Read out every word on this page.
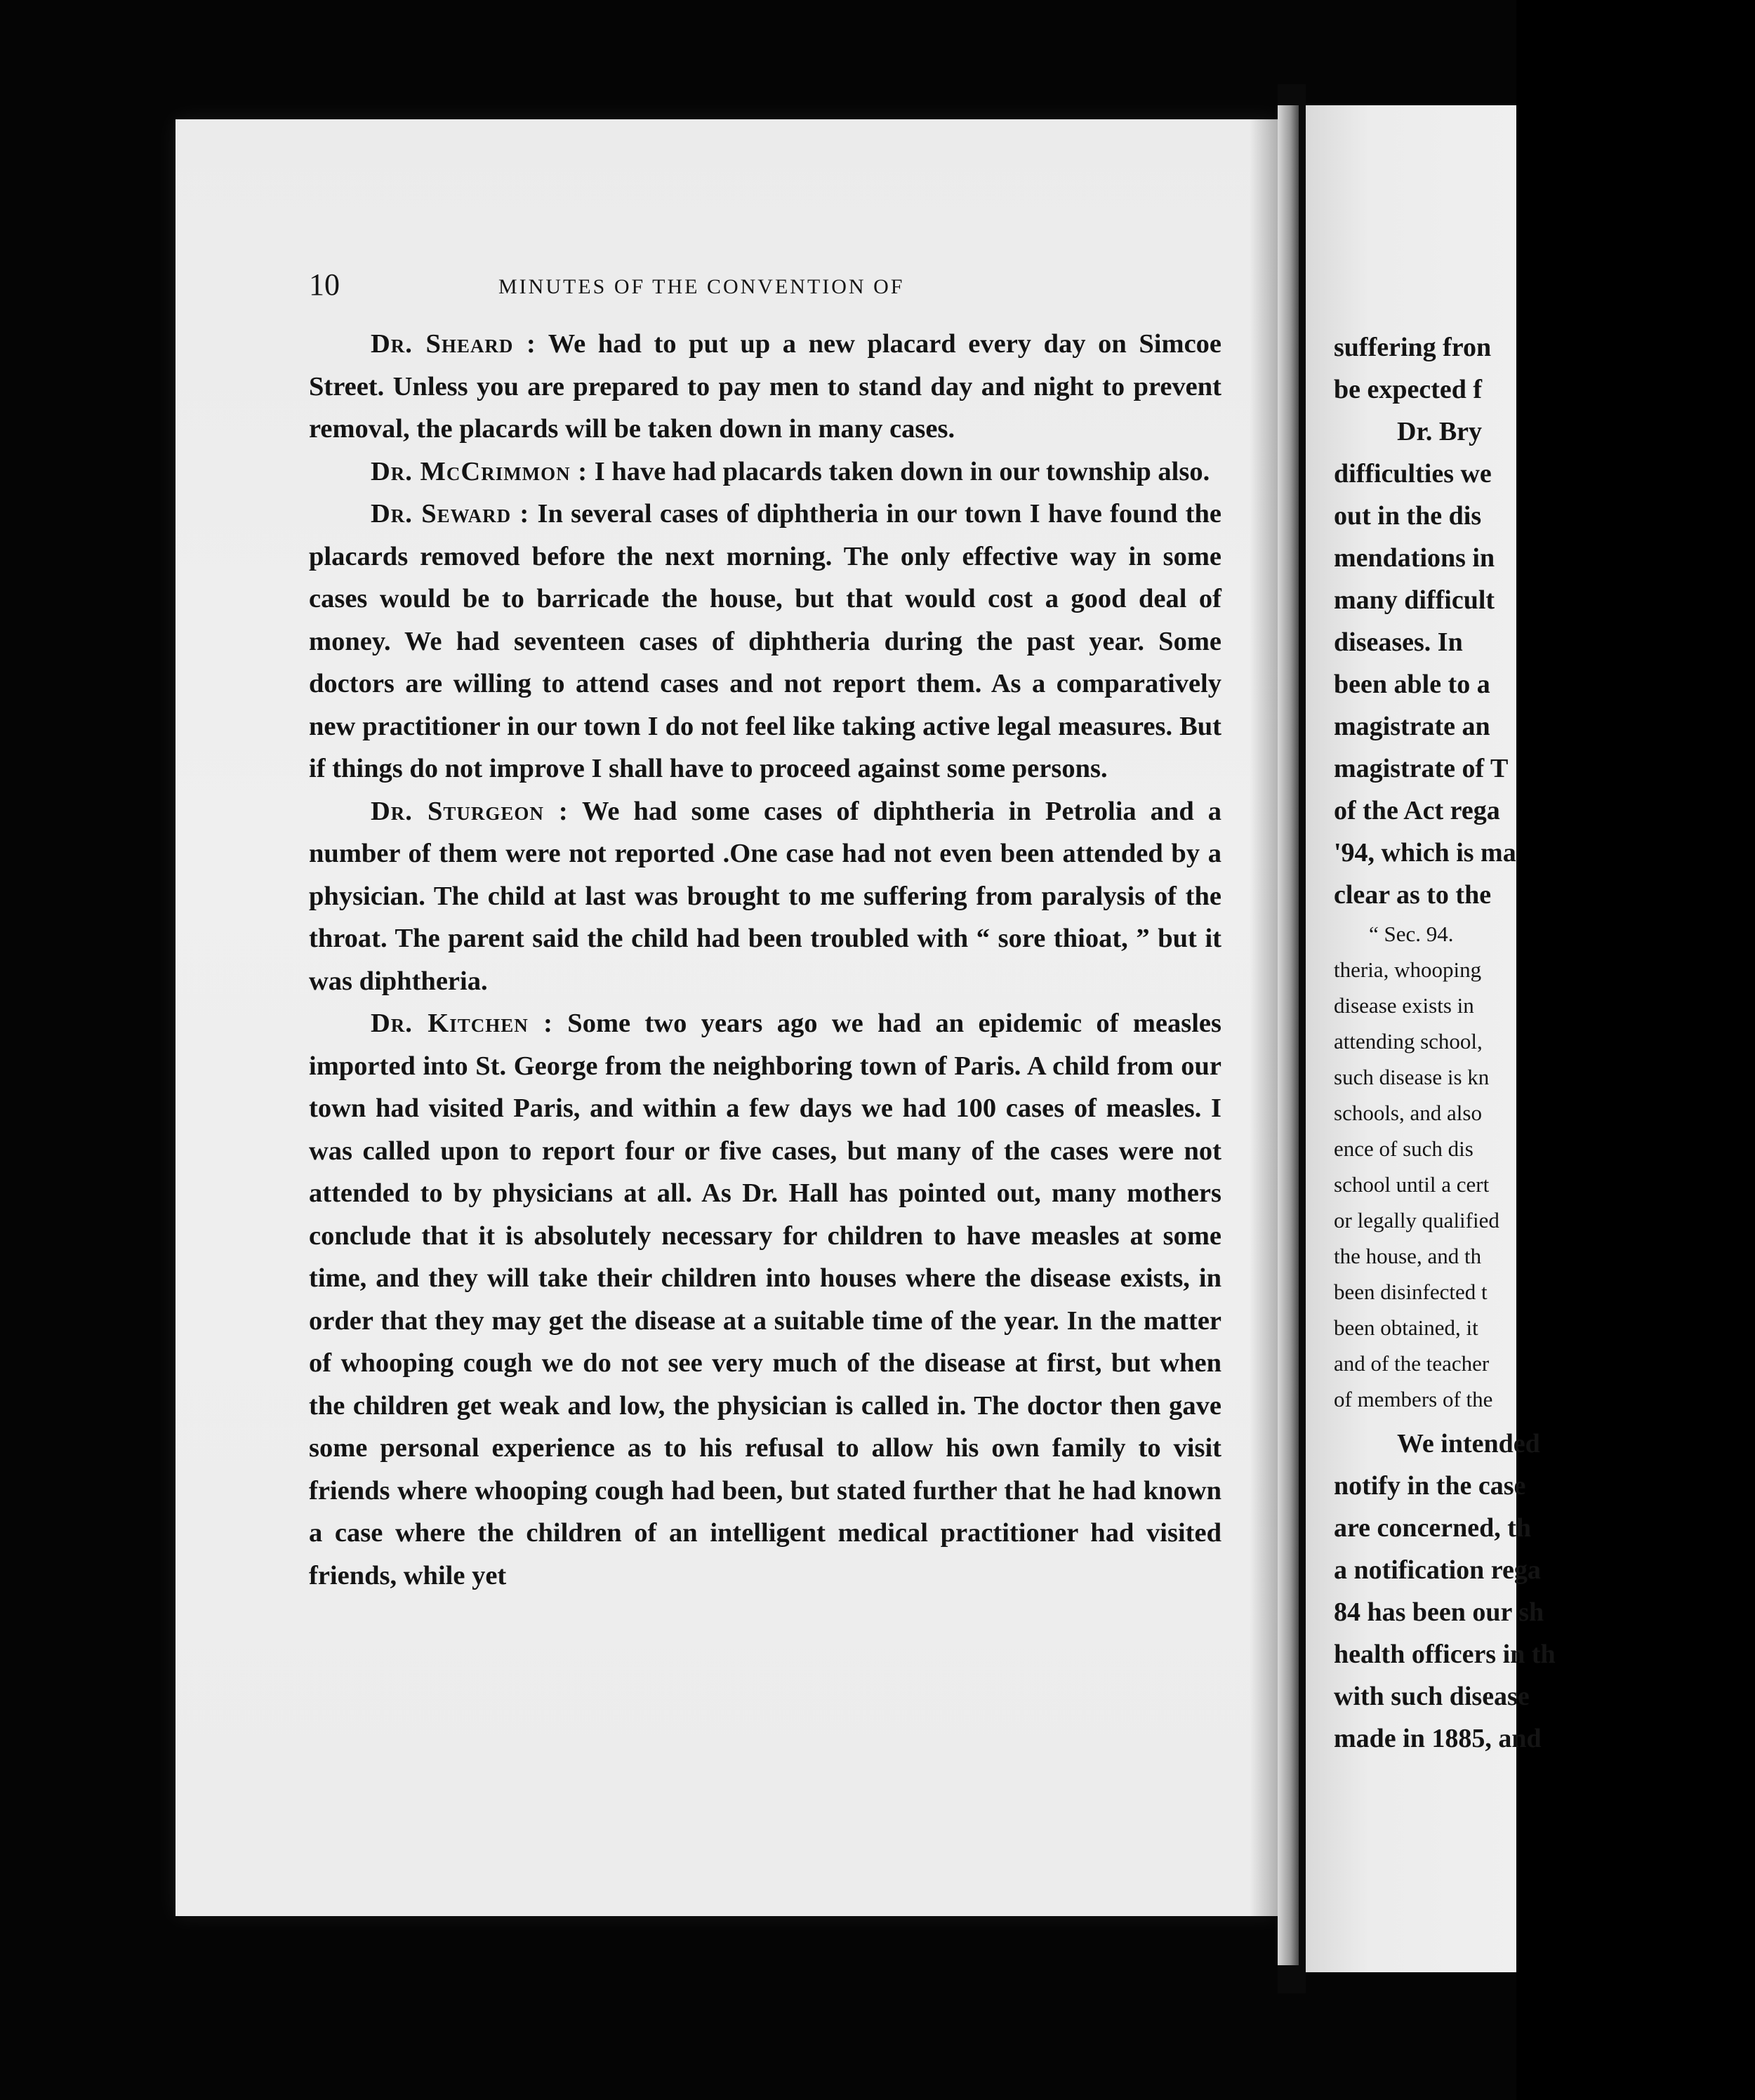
10	MINUTES OF THE CONVENTION OF

Dr. Sheard : We had to put up a new placard every day on Simcoe Street. Unless you are prepared to pay men to stand day and night to prevent removal, the placards will be taken down in many cases.

Dr. McCrimmon : I have had placards taken down in our township also.

Dr. Seward : In several cases of diphtheria in our town I have found the placards removed before the next morning. The only effective way in some cases would be to barricade the house, but that would cost a good deal of money. We had seventeen cases of diphtheria during the past year. Some doctors are willing to attend cases and not report them. As a comparatively new practitioner in our town I do not feel like taking active legal measures. But if things do not improve I shall have to proceed against some persons.

Dr. Sturgeon : We had some cases of diphtheria in Petrolia and a number of them were not reported .One case had not even been attended by a physician. The child at last was brought to me suffering from paralysis of the throat. The parent said the child had been troubled with “ sore thioat, ” but it was diphtheria.

Dr. Kitchen : Some two years ago we had an epidemic of measles imported into St. George from the neighboring town of Paris. A child from our town had visited Paris, and within a few days we had 100 cases of measles. I was called upon to report four or five cases, but many of the cases were not attended to by physicians at all. As Dr. Hall has pointed out, many mothers conclude that it is absolutely necessary for children to have measles at some time, and they will take their children into houses where the disease exists, in order that they may get the disease at a suitable time of the year. In the matter of whooping cough we do not see very much of the disease at first, but when the children get weak and low, the physician is called in. The doctor then gave some personal experience as to his refusal to allow his own family to visit friends where whooping cough had been, but stated further that he had known a case where the children of an intelligent medical practitioner had visited friends, while yet

suffering fron
be expected f
Dr. Bry
difficulties we
out in the dis
mendations in
many difficult
diseases. In
been able to a
magistrate an
magistrate of T
of the Act rega
'94, which is ma
clear as to the
“ Sec. 94.
theria, whooping
disease exists in
attending school,
such disease is kn
schools, and also
ence of such dis
school until a cert
or legally qualified
the house, and th
been disinfected t
been obtained, it
and of the teacher
of members of the
We intended
notify in the case
are concerned, th
a notification rega
84 has been our sh
health officers in th
with such disease
made in 1885, and
